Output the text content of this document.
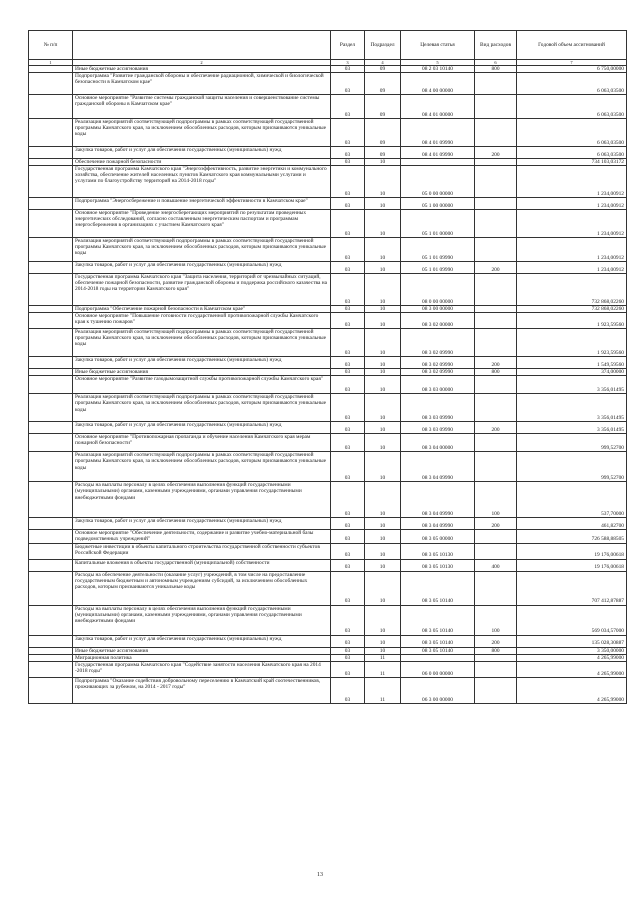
№ п/п		Раздел	Подраздел	Целевая статья	Вид расходов	Годовой объем ассигнований
1	2	3	4	5	6	7
	Иные бюджетные ассигнования	03	09	08 2 03 10140	800	6 750,00000
	Подпрограмма "Развитие гражданской обороны и обеспечение радиационной, химической и биологической безопасности в Камчатском крае"	03	09	08 4 00 00000		6 063,03500
	Основное мероприятие "Развитие системы гражданской защиты населения и совершенствование системы гражданской обороны в Камчатском крае"	03	09	08 4 01 00000		6 063,03500
	Реализация мероприятий соответствующей подпрограммы в рамках соответствующей государственной программы Камчатского края, за исключением обособленных расходов, которым присваиваются уникальные коды	03	09	08 4 01 09990		6 063,03500
	Закупка товаров, работ и услуг для обеспечения государственных (муниципальных) нужд	03	09	08 4 01 09990	200	6 063,03500
	Обеспечение пожарной безопасности	03	10			734 103,03172
	Государственная программа Камчатского края "Энергоэффективность, развитие энергетики и коммунального хозяйства, обеспечение жителей населенных пунктов Камчатского края коммунальными услугами и услугами по благоустройству территорий на 2014-2018 годы"	03	10	05 0 00 00000		1 234,00912
	Подпрограмма "Энергосбережение и повышение энергетической эффективности в Камчатском крае"	03	10	05 1 00 00000		1 234,00912
	Основное мероприятие "Проведение энергосберегающих мероприятий по результатам проведенных энергетических обследований, согласно составленным энергетическим паспортам и программам энергосбережения в организациях с участием Камчатского края"	03	10	05 1 01 00000		1 234,00912
	Реализация мероприятий соответствующей подпрограммы в рамках соответствующей государственной программы Камчатского края, за исключением обособленных расходов, которым присваиваются уникальные коды	03	10	05 1 01 09990		1 234,00912
	Закупка товаров, работ и услуг для обеспечения государственных (муниципальных) нужд	03	10	05 1 01 09990	200	1 234,00912
	Государственная программа Камчатского края "Защита населения, территорий от чрезвычайных ситуаций, обеспечение пожарной безопасности, развитие гражданской обороны и поддержка российского казачества на 2014-2018 годы на территории Камчатского края"	03	10	08 0 00 00000		732 868,02260
	Подпрограмма "Обеспечение пожарной безопасности в Камчатском крае"	03	10	08 3 00 00000		732 868,02260
	Основное мероприятие "Повышение готовности государственной противопожарной службы Камчатского края к тушению пожаров"	03	10	08 3 02 00000		1 923,59560
	Реализация мероприятий соответствующей подпрограммы в рамках соответствующей государственной программы Камчатского края, за исключением обособленных расходов, которым присваиваются уникальные коды	03	10	08 3 02 09990		1 923,59560
	Закупка товаров, работ и услуг для обеспечения государственных (муниципальных) нужд	03	10	08 3 02 09990	200	1 549,59560
	Иные бюджетные ассигнования	03	10	08 3 02 09990	800	374,00000
	Основное мероприятие "Развитие газодымозащитной службы противопожарной службы Камчатского края"	03	10	08 3 03 00000		3 356,01495
	Реализация мероприятий соответствующей подпрограммы в рамках соответствующей государственной программы Камчатского края, за исключением обособленных расходов, которым присваиваются уникальные коды	03	10	08 3 03 09990		3 356,01495
	Закупка товаров, работ и услуг для обеспечения государственных (муниципальных) нужд	03	10	08 3 03 09990	200	3 356,01495
	Основное мероприятие "Противопожарная пропаганда и обучение населения Камчатского края мерам пожарной безопасности"	03	10	08 3 04 00000		999,52700
	Реализация мероприятий соответствующей подпрограммы в рамках соответствующей государственной программы Камчатского края, за исключением обособленных расходов, которым присваиваются уникальные коды	03	10	08 3 04 09990		999,52700
	Расходы на выплаты персоналу в целях обеспечения выполнения функций государственными (муниципальными) органами, казенными учреждениями, органами управления государственными внебюджетными фондами	03	10	08 3 04 09990	100	537,70000
	Закупка товаров, работ и услуг для обеспечения государственных (муниципальных) нужд	03	10	08 3 04 09990	200	461,82700
	Основное мероприятие "Обеспечение деятельности, содержание и развитие учебно-материальной базы подведомственных учреждений"	03	10	08 3 05 00000		726 588,88505
	Бюджетные инвестиции в объекты капитального строительства государственной собственности субъектов Российской Федерации	03	10	08 3 05 10130		19 176,00618
	Капитальные вложения в объекты государственной (муниципальной) собственности	03	10	08 3 05 10130	400	19 176,00618
	Расходы на обеспечение деятельности (оказание услуг) учреждений, в том числе на предоставление государственным бюджетным и автономным учреждениям субсидий, за исключением обособленных расходов, которым присваиваются уникальные коды	03	10	08 3 05 10140		707 412,87887
	Расходы на выплаты персоналу в целях обеспечения выполнения функций государственными (муниципальными) органами, казенными учреждениями, органами управления государственными внебюджетными фондами	03	10	08 3 05 10140	100	569 034,57000
	Закупка товаров, работ и услуг для обеспечения государственных (муниципальных) нужд	03	10	08 3 05 10140	200	135 028,30887
	Иные бюджетные ассигнования	03	10	08 3 05 10140	800	3 350,00000
	Миграционная политика	03	11			4 265,99000
	Государственная программа Камчатского края "Содействие занятости населения Камчатского края на 2014 -2018 годы"	03	11	06 0 00 00000		4 265,99000
	Подпрограмма "Оказание содействия добровольному переселению в Камчатский край соотечественников, проживающих за рубежом, на 2014 - 2017 годы"	03	11	06 3 00 00000		4 265,99000
13
